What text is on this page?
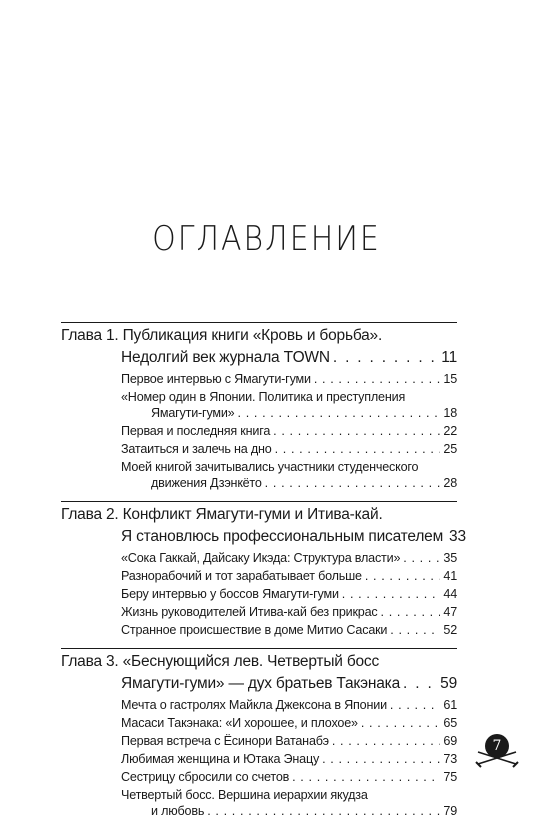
ОГЛАВЛЕНИЕ
Глава 1. Публикация книги «Кровь и борьба».
Недолгий век журнала TOWN . . .	11
Первое интервью с Ямагути-гуми . . .	15
«Номер один в Японии. Политика и преступления
Ямагути-гуми» . . .	18
Первая и последняя книга . . .	22
Затаиться и залечь на дно . . .	25
Моей книгой зачитывались участники студенческого
движения Дзэнкёто . . .	28
Глава 2. Конфликт Ямагути-гуми и Итива-кай.
Я становлюсь профессиональным писателем 33
«Сока Гаккай, Дайсаку Икэда: Структура власти» . . .	35
Разнорабочий и тот зарабатывает больше . . .	41
Беру интервью у боссов Ямагути-гуми . . .	44
Жизнь руководителей Итива-кай без прикрас . . .	47
Странное происшествие в доме Митио Сасаки . . .	52
Глава 3. «Беснующийся лев. Четвертый босс
Ямагути-гуми» — дух братьев Такэнака . . .	59
Мечта о гастролях Майкла Джексона в Японии . . .	61
Масаси Такэнака: «И хорошее, и плохое» . . .	65
Первая встреча с Ёсинори Ватанабэ . . .	69
Любимая женщина и Ютака Энацу . . .	73
Сестрицу сбросили со счетов . . .	75
Четвертый босс. Вершина иерархии якудза
и любовь . . .	79
7
